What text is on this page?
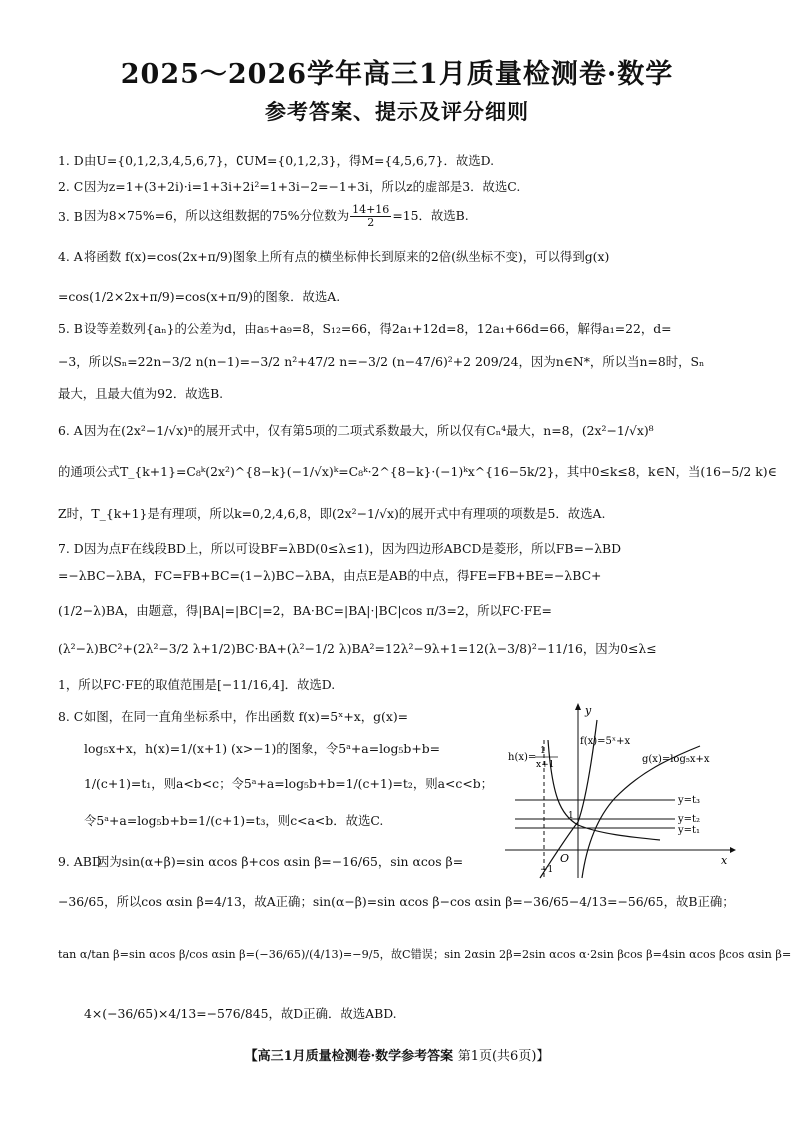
2025～2026学年高三1月质量检测卷·数学
参考答案、提示及评分细则
1. D 由U={0,1,2,3,4,5,6,7}，∁UM={0,1,2,3}，得M={4,5,6,7}．故选D.
2. C 因为z=1+(3+2i)·i=1+3i+2i²=1+3i−2=−1+3i，所以z的虚部是3．故选C.
3. B 因为8×75%=6，所以这组数据的75%分位数为 $\frac{14+16}{2} =15$．故选B.
4. A 将函数 f(x)=cos(2x+π/9)图象上所有点的横坐标伸长到原来的2倍(纵坐标不变)，可以得到g(x)
=cos(1/2×2x+π/9)=cos(x+π/9)的图象．故选A.
5. B 设等差数列{aₙ}的公差为d，由a₅+a₉=8，S₁₂=66，得2a₁+12d=8，12a₁+66d=66，解得a₁=22，d=
−3，所以Sₙ=22n−3/2 n(n−1)=−3/2 n²+47/2 n=−3/2 (n−47/6)²+2 209/24，因为n∈N*，所以当n=8时，Sₙ
最大，且最大值为92．故选B.
6. A 因为在(2x²−1/√x)ⁿ的展开式中，仅有第5项的二项式系数最大，所以仅有Cₙ⁴最大，n=8，(2x²−1/√x)⁸
的通项公式T_{k+1}=C₈ᵏ(2x²)^{8−k}(−1/√x)ᵏ=C₈ᵏ·2^{8−k}·(−1)ᵏx^{16−5k/2}，其中0≤k≤8，k∈N，当(16−5/2 k)∈
Z时，T_{k+1}是有理项，所以k=0,2,4,6,8，即(2x²−1/√x)的展开式中有理项的项数是5．故选A.
7. D 因为点F在线段BD上，所以可设BF=λBD(0≤λ≤1)，因为四边形ABCD是菱形，所以FB=−λBD
=−λBC−λBA，FC=FB+BC=(1−λ)BC−λBA，由点E是AB的中点，得FE=FB+BE=−λBC+
(1/2−λ)BA，由题意，得|BA|=|BC|=2，BA·BC=|BA|·|BC|cos π/3=2，所以FC·FE=
(λ²−λ)BC²+(2λ²−3/2 λ+1/2)BC·BA+(λ²−1/2 λ)BA²=12λ²−9λ+1=12(λ−3/8)²−11/16，因为0≤λ≤
1，所以FC·FE的取值范围是[−11/16,4]．故选D.
8. C 如图，在同一直角坐标系中，作出函数 f(x)=5ˣ+x，g(x)=
log₅x+x，h(x)=1/(x+1) (x>−1)的图象，令5ᵃ+a=log₅b+b=
1/(c+1)=t₁，则a<b<c；令5ᵃ+a=log₅b+b=1/(c+1)=t₂，则a<c<b；
令5ᵃ+a=log₅b+b=1/(c+1)=t₃，则c<a<b．故选C.
x
y
O
−1
1
y=t₃
y=t₂
y=t₁
f(x)=5ˣ+x
g(x)=log₅x+x
h(x)=
1
x+1
9. ABD
因为sin(α+β)=sin αcos β+cos αsin β=−16/65，sin αcos β=
−36/65，所以cos αsin β=4/13，故A正确；sin(α−β)=sin αcos β−cos αsin β=−36/65−4/13=−56/65，故B正确；
tan α/tan β=sin αcos β/cos αsin β=(−36/65)/(4/13)=−9/5，故C错误；sin 2αsin 2β=2sin αcos α·2sin βcos β=4sin αcos βcos αsin β=
4×(−36/65)×4/13=−576/845，故D正确．故选ABD.
【高三1月质量检测卷·数学参考答案 第1页(共6页)】
